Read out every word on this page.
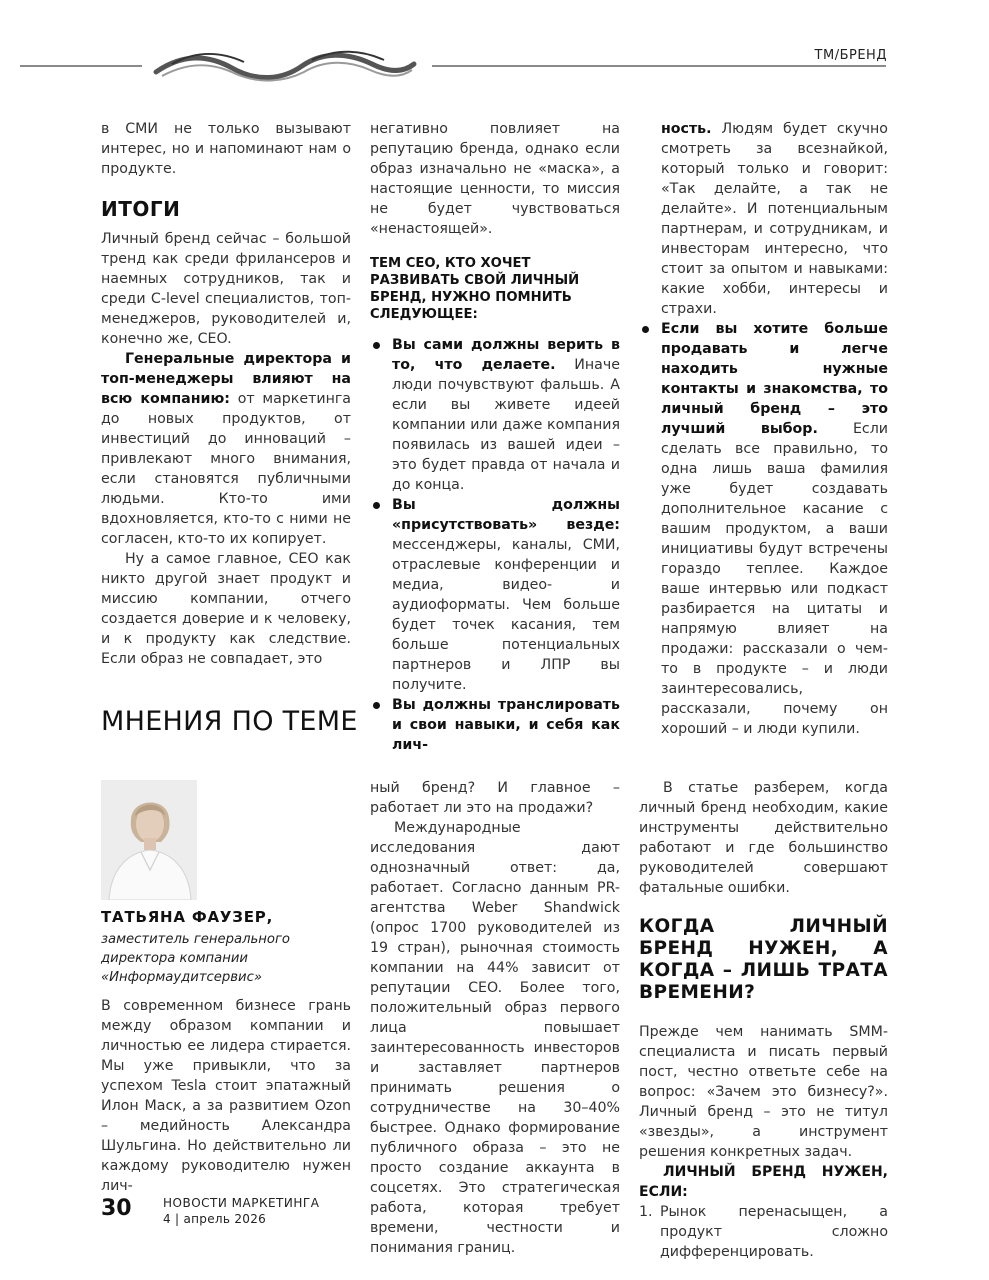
ТМ/БРЕНД

в СМИ не только вызывают интерес, но и напоминают нам о продукте.

ИТОГИ

Личный бренд сейчас – большой тренд как среди фрилансеров и наемных сотрудников, так и среди C-level специалистов, топ-менеджеров, руководителей и, конечно же, CEO.

Генеральные директора и топ-менеджеры влияют на всю компанию: от маркетинга до новых продуктов, от инвестиций до инноваций – привлекают много внимания, если становятся публичными людьми. Кто-то ими вдохновляется, кто-то с ними не согласен, кто-то их копирует.

Ну а самое главное, CEO как никто другой знает продукт и миссию компании, отчего создается доверие и к человеку, и к продукту как следствие. Если образ не совпадает, это

негативно повлияет на репутацию бренда, однако если образ изначально не «маска», а настоящие ценности, то миссия не будет чувствоваться «ненастоящей».

ТЕМ CEO, КТО ХОЧЕТ РАЗВИВАТЬ СВОЙ ЛИЧНЫЙ БРЕНД, НУЖНО ПОМНИТЬ СЛЕДУЮЩЕЕ:

Вы сами должны верить в то, что делаете. Иначе люди почувствуют фальшь. А если вы живете идеей компании или даже компания появилась из вашей идеи – это будет правда от начала и до конца.
Вы должны «присутствовать» везде: мессенджеры, каналы, СМИ, отраслевые конференции и медиа, видео- и аудиоформаты. Чем больше будет точек касания, тем больше потенциальных партнеров и ЛПР вы получите.
Вы должны транслировать и свои навыки, и себя как лич-

ность. Людям будет скучно смотреть за всезнайкой, который только и говорит: «Так делайте, а так не делайте». И потенциальным партнерам, и сотрудникам, и инвесторам интересно, что стоит за опытом и навыками: какие хобби, интересы и страхи.

Если вы хотите больше продавать и легче находить нужные контакты и знакомства, то личный бренд – это лучший выбор. Если сделать все правильно, то одна лишь ваша фамилия уже будет создавать дополнительное касание с вашим продуктом, а ваши инициативы будут встречены гораздо теплее. Каждое ваше интервью или подкаст разбирается на цитаты и напрямую влияет на продажи: рассказали о чем-то в продукте – и люди заинтересовались, рассказали, почему он хороший – и люди купили.
МНЕНИЯ ПО ТЕМЕ
ТАТЬЯНА ФАУЗЕР,
заместитель генерального директора компании «Информаудитсервис»

В современном бизнесе грань между образом компании и личностью ее лидера стирается. Мы уже привыкли, что за успехом Tesla стоит эпатажный Илон Маск, а за развитием Ozon – медийность Александра Шульгина. Но действительно ли каждому руководителю нужен лич-

ный бренд? И главное – работает ли это на продажи?

Международные исследования дают однозначный ответ: да, работает. Согласно данным PR-агентства Weber Shandwick (опрос 1700 руководителей из 19 стран), рыночная стоимость компании на 44% зависит от репутации CEO. Более того, положительный образ первого лица повышает заинтересованность инвесторов и заставляет партнеров принимать решения о сотрудничестве на 30–40% быстрее. Однако формирование публичного образа – это не просто создание аккаунта в соцсетях. Это стратегическая работа, которая требует времени, честности и понимания границ.

В статье разберем, когда личный бренд необходим, какие инструменты действительно работают и где большинство руководителей совершают фатальные ошибки.

КОГДА ЛИЧНЫЙ БРЕНД НУЖЕН, А КОГДА – ЛИШЬ ТРАТА ВРЕМЕНИ?

Прежде чем нанимать SMM-специалиста и писать первый пост, честно ответьте себе на вопрос: «Зачем это бизнесу?». Личный бренд – это не титул «звезды», а инструмент решения конкретных задач.

ЛИЧНЫЙ БРЕНД НУЖЕН, ЕСЛИ:

1. Рынок перенасыщен, а продукт сложно дифференцировать.
30	НОВОСТИ МАРКЕТИНГА
4 | апрель 2026
